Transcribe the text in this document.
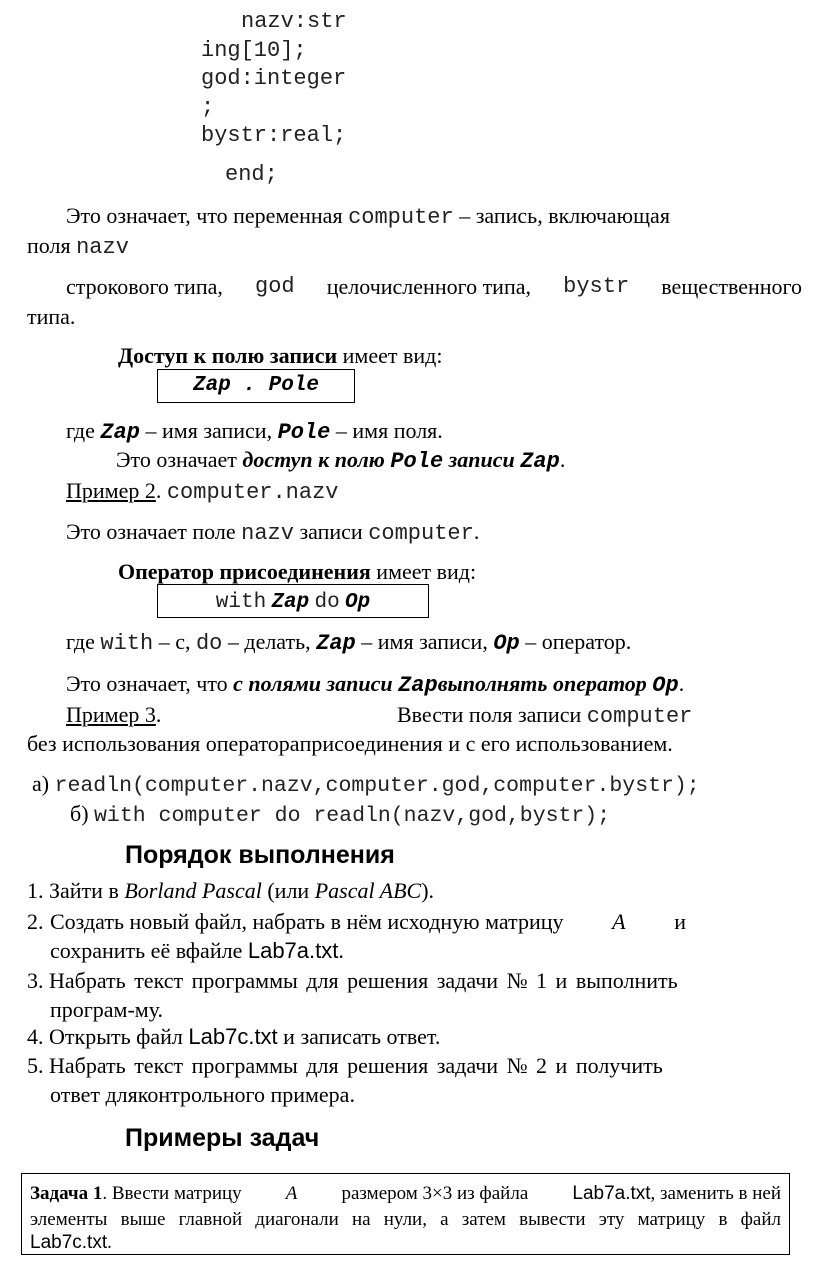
nazv:str
ing[10];
god:integer
;
bystr:real;
end;
Это означает, что переменная computer – запись, включающая
поля nazv
строкового типа, god целочисленного типа, bystr вещественного
типа.
Доступ к полю записи имеет вид:
Zap . Pole
где Zap – имя записи, Pole – имя поля.
Это означает доступ к полю Pole записи Zap.
Пример 2. computer.nazv
Это означает поле nazv записи computer.
Оператор присоединения имеет вид:
with Zap do Op
где with – с, do – делать, Zap – имя записи, Op – оператор.
Это означает, что с полями записи Zapвыполнять оператор Op.
Пример 3.	Ввести поля записи computer
без использования операторaприсоединения и с его использованием.
а) readln(computer.nazv,computer.god,computer.bystr);
б) with computer do readln(nazv,god,bystr);
Порядок выполнения
1. Зайти в Borland Pascal (или Pascal ABC).
2. Создать новый файл, набрать в нём исходную матрицу А и
сохранить её вфайле Lab7a.txt.
3. Набрать текст программы для решения задачи № 1 и выполнить
програм-му.
4. Открыть файл Lab7c.txt и записать ответ.
5. Набрать текст программы для решения задачи № 2 и получить
ответ дляконтрольного примера.
Примеры задач
Задача 1. Ввести матрицу А размером 3×3 из файла Lab7a.txt, заменить в ней
элементы выше главной диагонали на нули, а затем вывести эту матрицу в файл
Lab7c.txt.
